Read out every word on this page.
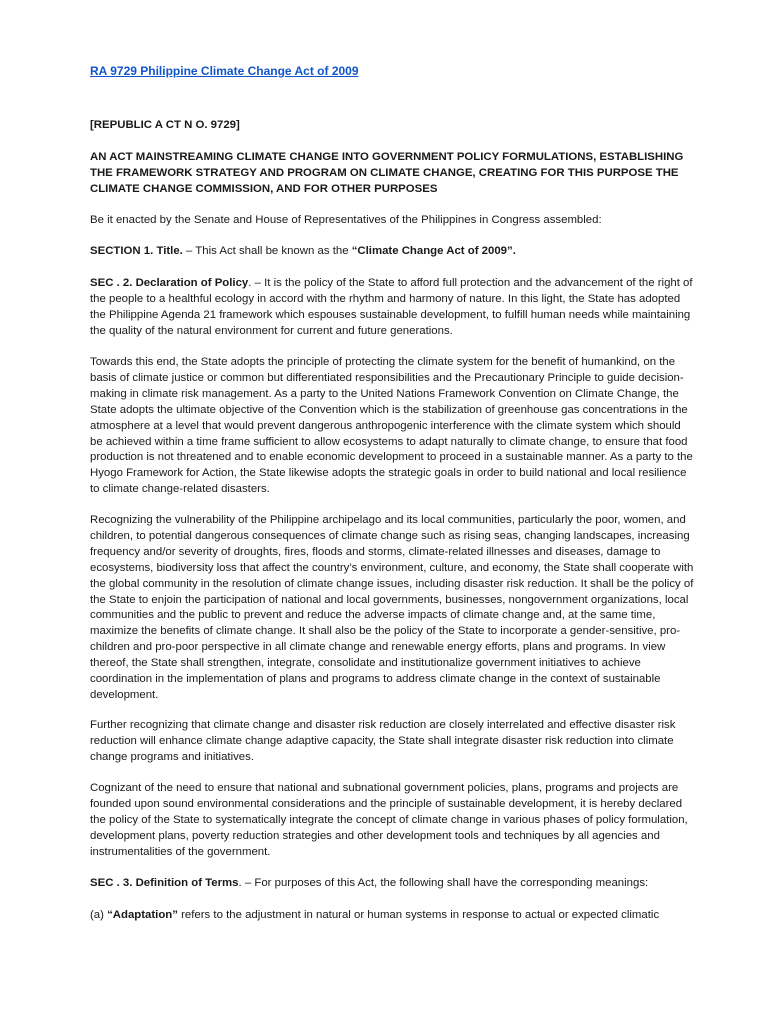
RA 9729 Philippine Climate Change Act of 2009

[REPUBLIC A CT N O. 9729]

AN ACT MAINSTREAMING CLIMATE CHANGE INTO GOVERNMENT POLICY FORMULATIONS, ESTABLISHING THE FRAMEWORK STRATEGY AND PROGRAM ON CLIMATE CHANGE, CREATING FOR THIS PURPOSE THE CLIMATE CHANGE COMMISSION, AND FOR OTHER PURPOSES

Be it enacted by the Senate and House of Representatives of the Philippines in Congress assembled:

SECTION 1. Title. – This Act shall be known as the “Climate Change Act of 2009”.

SEC . 2. Declaration of Policy. – It is the policy of the State to afford full protection and the advancement of the right of the people to a healthful ecology in accord with the rhythm and harmony of nature. In this light, the State has adopted the Philippine Agenda 21 framework which espouses sustainable development, to fulfill human needs while maintaining the quality of the natural environment for current and future generations.

Towards this end, the State adopts the principle of protecting the climate system for the benefit of humankind, on the basis of climate justice or common but differentiated responsibilities and the Precautionary Principle to guide decision-making in climate risk management. As a party to the United Nations Framework Convention on Climate Change, the State adopts the ultimate objective of the Convention which is the stabilization of greenhouse gas concentrations in the atmosphere at a level that would prevent dangerous anthropogenic interference with the climate system which should be achieved within a time frame sufficient to allow ecosystems to adapt naturally to climate change, to ensure that food production is not threatened and to enable economic development to proceed in a sustainable manner. As a party to the Hyogo Framework for Action, the State likewise adopts the strategic goals in order to build national and local resilience to climate change-related disasters.

Recognizing the vulnerability of the Philippine archipelago and its local communities, particularly the poor, women, and children, to potential dangerous consequences of climate change such as rising seas, changing landscapes, increasing frequency and/or severity of droughts, fires, floods and storms, climate-related illnesses and diseases, damage to ecosystems, biodiversity loss that affect the country’s environment, culture, and economy, the State shall cooperate with the global community in the resolution of climate change issues, including disaster risk reduction. It shall be the policy of the State to enjoin the participation of national and local governments, businesses, nongovernment organizations, local communities and the public to prevent and reduce the adverse impacts of climate change and, at the same time, maximize the benefits of climate change. It shall also be the policy of the State to incorporate a gender-sensitive, pro-children and pro-poor perspective in all climate change and renewable energy efforts, plans and programs. In view thereof, the State shall strengthen, integrate, consolidate and institutionalize government initiatives to achieve coordination in the implementation of plans and programs to address climate change in the context of sustainable development.

Further recognizing that climate change and disaster risk reduction are closely interrelated and effective disaster risk reduction will enhance climate change adaptive capacity, the State shall integrate disaster risk reduction into climate change programs and initiatives.

Cognizant of the need to ensure that national and subnational government policies, plans, programs and projects are founded upon sound environmental considerations and the principle of sustainable development, it is hereby declared the policy of the State to systematically integrate the concept of climate change in various phases of policy formulation, development plans, poverty reduction strategies and other development tools and techniques by all agencies and instrumentalities of the government.

SEC . 3. Definition of Terms. – For purposes of this Act, the following shall have the corresponding meanings:

(a) “Adaptation” refers to the adjustment in natural or human systems in response to actual or expected climatic
